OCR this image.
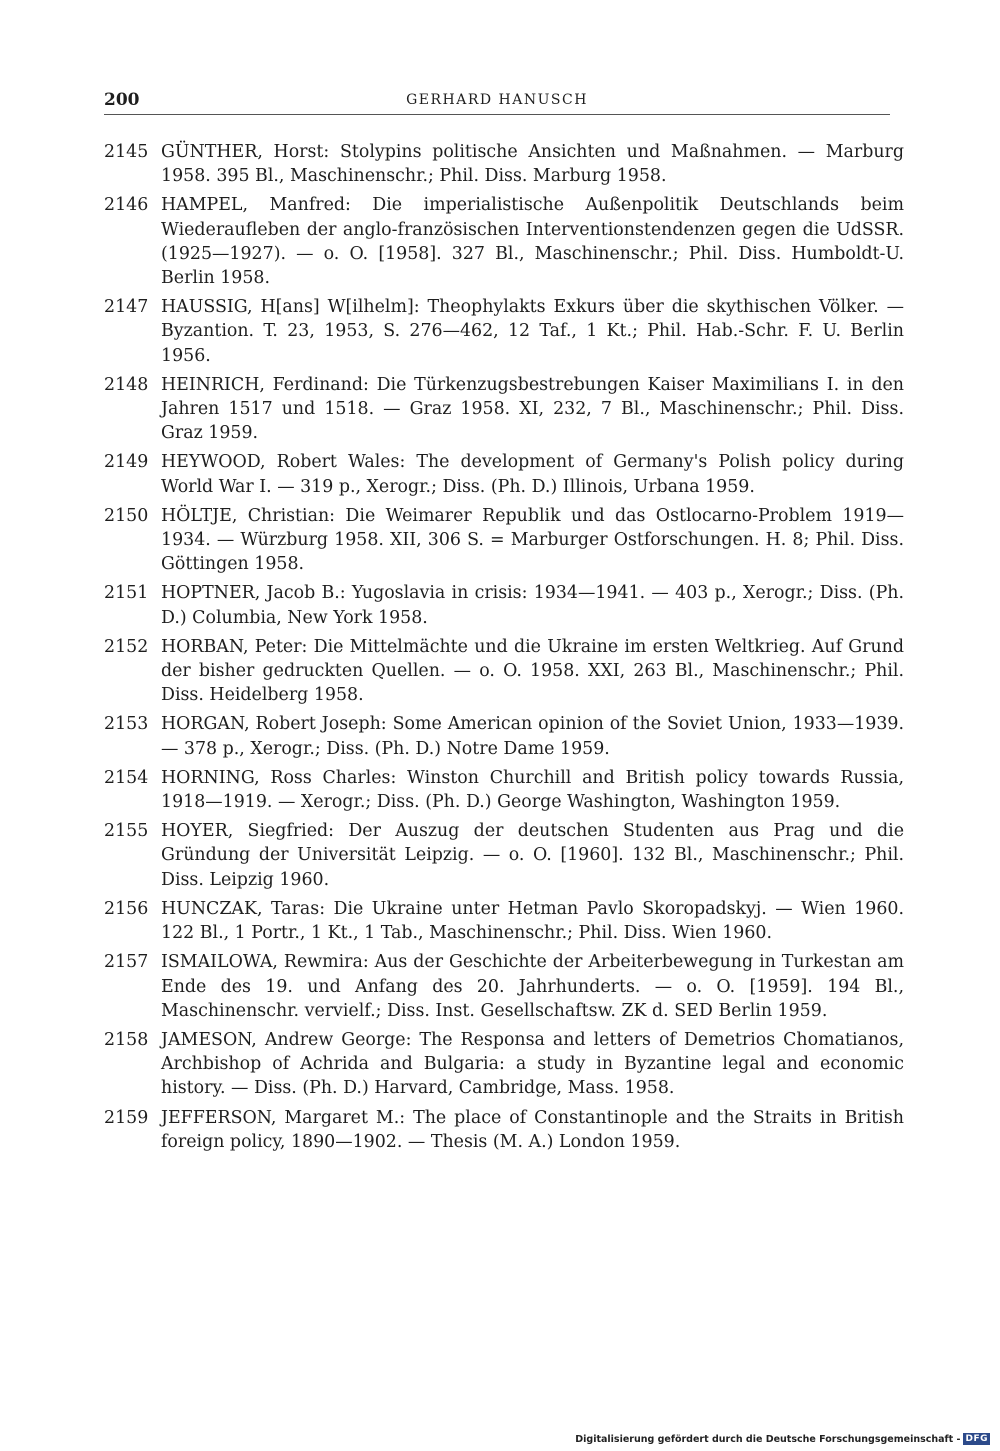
200	GERHARD HANUSCH
2145 GÜNTHER, Horst: Stolypins politische Ansichten und Maßnahmen. — Marburg 1958. 395 Bl., Maschinenschr.; Phil. Diss. Marburg 1958.
2146 HAMPEL, Manfred: Die imperialistische Außenpolitik Deutschlands beim Wiederaufleben der anglo-französischen Interventionstendenzen gegen die UdSSR. (1925—1927). — o. O. [1958]. 327 Bl., Maschinenschr.; Phil. Diss. Humboldt-U. Berlin 1958.
2147 HAUSSIG, H[ans] W[ilhelm]: Theophylakts Exkurs über die skythischen Völker. — Byzantion. T. 23, 1953, S. 276—462, 12 Taf., 1 Kt.; Phil. Hab.-Schr. F. U. Berlin 1956.
2148 HEINRICH, Ferdinand: Die Türkenzugsbestrebungen Kaiser Maximilians I. in den Jahren 1517 und 1518. — Graz 1958. XI, 232, 7 Bl., Maschinenschr.; Phil. Diss. Graz 1959.
2149 HEYWOOD, Robert Wales: The development of Germany's Polish policy during World War I. — 319 p., Xerogr.; Diss. (Ph. D.) Illinois, Urbana 1959.
2150 HÖLTJE, Christian: Die Weimarer Republik und das Ostlocarno-Problem 1919—1934. — Würzburg 1958. XII, 306 S. = Marburger Ostforschungen. H. 8; Phil. Diss. Göttingen 1958.
2151 HOPTNER, Jacob B.: Yugoslavia in crisis: 1934—1941. — 403 p., Xerogr.; Diss. (Ph. D.) Columbia, New York 1958.
2152 HORBAN, Peter: Die Mittelmächte und die Ukraine im ersten Weltkrieg. Auf Grund der bisher gedruckten Quellen. — o. O. 1958. XXI, 263 Bl., Maschinenschr.; Phil. Diss. Heidelberg 1958.
2153 HORGAN, Robert Joseph: Some American opinion of the Soviet Union, 1933—1939. — 378 p., Xerogr.; Diss. (Ph. D.) Notre Dame 1959.
2154 HORNING, Ross Charles: Winston Churchill and British policy towards Russia, 1918—1919. — Xerogr.; Diss. (Ph. D.) George Washington, Washington 1959.
2155 HOYER, Siegfried: Der Auszug der deutschen Studenten aus Prag und die Gründung der Universität Leipzig. — o. O. [1960]. 132 Bl., Maschinenschr.; Phil. Diss. Leipzig 1960.
2156 HUNCZAK, Taras: Die Ukraine unter Hetman Pavlo Skoropadskyj. — Wien 1960. 122 Bl., 1 Portr., 1 Kt., 1 Tab., Maschinenschr.; Phil. Diss. Wien 1960.
2157 ISMAILOWA, Rewmira: Aus der Geschichte der Arbeiterbewegung in Turkestan am Ende des 19. und Anfang des 20. Jahrhunderts. — o. O. [1959]. 194 Bl., Maschinenschr. vervielf.; Diss. Inst. Gesellschaftsw. ZK d. SED Berlin 1959.
2158 JAMESON, Andrew George: The Responsa and letters of Demetrios Chomatianos, Archbishop of Achrida and Bulgaria: a study in Byzantine legal and economic history. — Diss. (Ph. D.) Harvard, Cambridge, Mass. 1958.
2159 JEFFERSON, Margaret M.: The place of Constantinople and the Straits in British foreign policy, 1890—1902. — Thesis (M. A.) London 1959.
Digitalisierung gefördert durch die Deutsche Forschungsgemeinschaft - DFG
